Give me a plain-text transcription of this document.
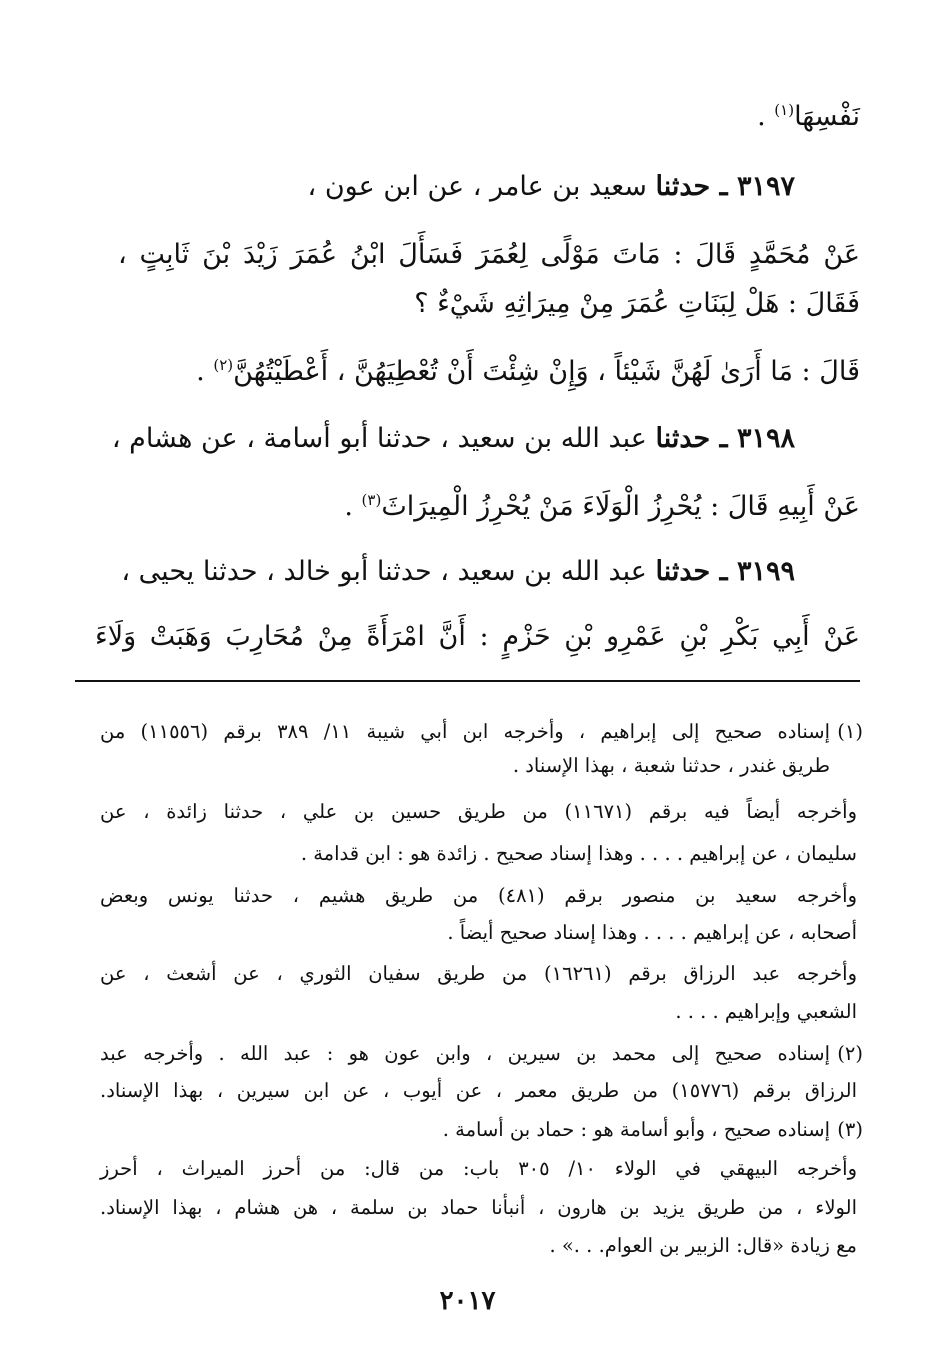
نَفْسِهَا$^{(١)}$ .
٣١٩٧ ـ حدثنا سعيد بن عامر ، عن ابن عون ،
عَنْ مُحَمَّدٍ قَالَ : مَاتَ مَوْلًى لِعُمَرَ فَسَأَلَ ابْنُ عُمَرَ زَيْدَ بْنَ ثَابِتٍ ،
فَقَالَ : هَلْ لِبَنَاتِ عُمَرَ مِنْ مِيرَاثِهِ شَيْءٌ ؟
قَالَ : مَا أَرَىٰ لَهُنَّ شَيْئاً ، وَإِنْ شِئْتَ أَنْ تُعْطِيَهُنَّ ، أَعْطَيْتُهُنَّ$^{(٢)}$ .
٣١٩٨ ـ حدثنا عبد الله بن سعيد ، حدثنا أبو أسامة ، عن هشام ،
عَنْ أَبِيهِ قَالَ : يُحْرِزُ الْوَلَاءَ مَنْ يُحْرِزُ الْمِيرَاثَ$^{(٣)}$ .
٣١٩٩ ـ حدثنا عبد الله بن سعيد ، حدثنا أبو خالد ، حدثنا يحيى ،
عَنْ أَبِي بَكْرِ بْنِ عَمْرِو بْنِ حَزْمٍ : أَنَّ امْرَأَةً مِنْ مُحَارِبَ وَهَبَتْ وَلَاءَ
(١)
إسناده صحيح إلى إبراهيم ، وأخرجه ابن أبي شيبة ١١/ ٣٨٩ برقم (١١٥٥٦) من
طريق غندر ، حدثنا شعبة ، بهذا الإسناد .
وأخرجه أيضاً فيه برقم (١١٦٧١) من طريق حسين بن علي ، حدثنا زائدة ، عن
سليمان ، عن إبراهيم . . . . وهذا إسناد صحيح . زائدة هو : ابن قدامة .
وأخرجه سعيد بن منصور برقم (٤٨١) من طريق هشيم ، حدثنا يونس وبعض
أصحابه ، عن إبراهيم . . . . وهذا إسناد صحيح أيضاً .
وأخرجه عبد الرزاق برقم (١٦٢٦١) من طريق سفيان الثوري ، عن أشعث ، عن
الشعبي وإبراهيم . . . .
(٢)
إسناده صحيح إلى محمد بن سيرين ، وابن عون هو : عبد الله . وأخرجه عبد
الرزاق برقم (١٥٧٧٦) من طريق معمر ، عن أيوب ، عن ابن سيرين ، بهذا الإسناد.
(٣)
إسناده صحيح ، وأبو أسامة هو : حماد بن أسامة .
وأخرجه البيهقي في الولاء ١٠/ ٣٠٥ باب: من قال: من أحرز الميراث ، أحرز
الولاء ، من طريق يزيد بن هارون ، أنبأنا حماد بن سلمة ، هن هشام ، بهذا الإسناد.
مع زيادة «قال: الزبير بن العوام. . .» .
٢٠١٧
